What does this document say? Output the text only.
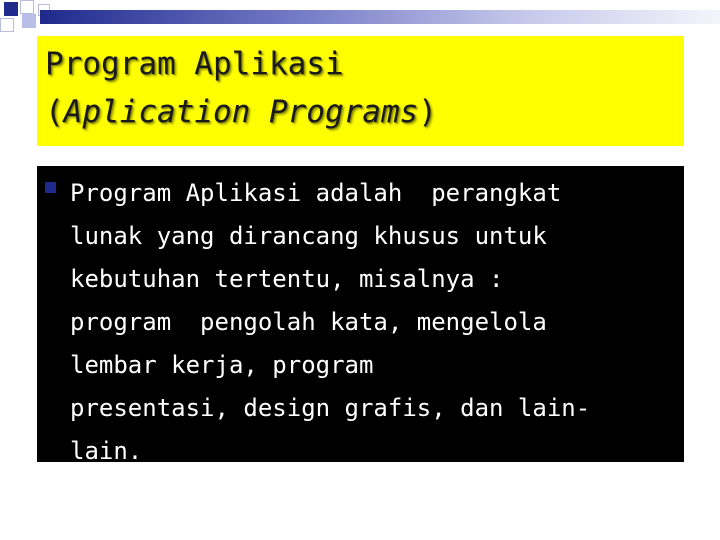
Program Aplikasi
(Aplication Programs)

Program Aplikasi adalah  perangkat
lunak yang dirancang khusus untuk
kebutuhan tertentu, misalnya :
program  pengolah kata, mengelola
lembar kerja, program
presentasi, design grafis, dan lain-
lain.
